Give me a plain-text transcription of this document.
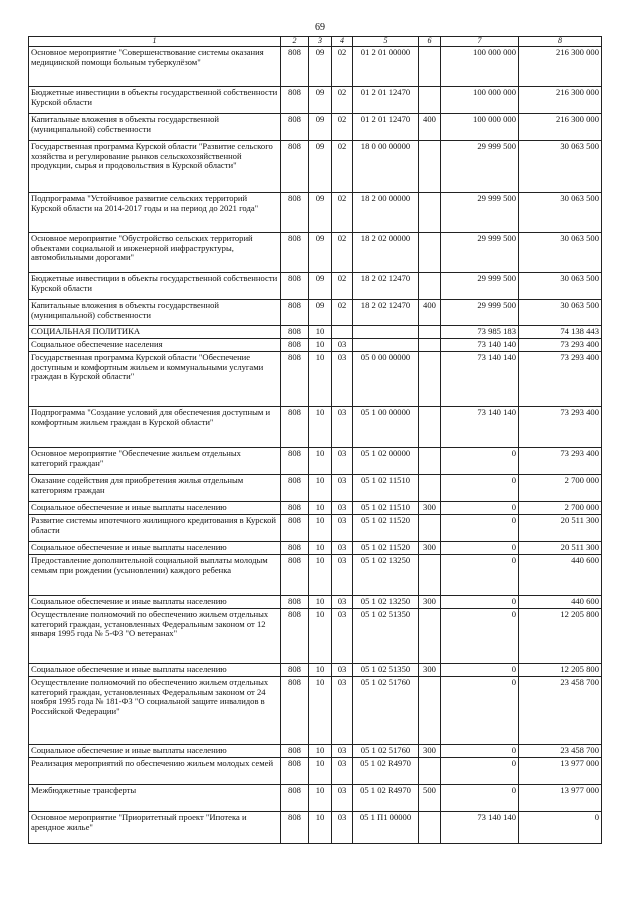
69
1	2	3	4	5	6	7	8
Основное мероприятие "Совершенствование системы оказания медицинской помощи больным туберкулёзом"	808	09	02	01 2 01 00000		100 000 000	216 300 000
Бюджетные инвестиции в объекты государственной собственности Курской области	808	09	02	01 2 01 12470		100 000 000	216 300 000
Капитальные вложения в объекты государственной (муниципальной) собственности	808	09	02	01 2 01 12470	400	100 000 000	216 300 000
Государственная программа Курской области "Развитие сельского хозяйства и регулирование рынков сельскохозяйственной продукции, сырья и продовольствия в Курской области"	808	09	02	18 0 00 00000		29 999 500	30 063 500
Подпрограмма "Устойчивое развитие сельских территорий Курской области на 2014-2017 годы и на период до 2021 года"	808	09	02	18 2 00 00000		29 999 500	30 063 500
Основное мероприятие "Обустройство сельских территорий объектами социальной и инженерной инфраструктуры, автомобильными дорогами"	808	09	02	18 2 02 00000		29 999 500	30 063 500
Бюджетные инвестиции в объекты государственной собственности Курской области	808	09	02	18 2 02 12470		29 999 500	30 063 500
Капитальные вложения в объекты государственной (муниципальной) собственности	808	09	02	18 2 02 12470	400	29 999 500	30 063 500
СОЦИАЛЬНАЯ ПОЛИТИКА	808	10				73 985 183	74 138 443
Социальное обеспечение населения	808	10	03			73 140 140	73 293 400
Государственная программа Курской области "Обеспечение доступным и комфортным жильем и коммунальными услугами граждан в Курской области"	808	10	03	05 0 00 00000		73 140 140	73 293 400
Подпрограмма "Создание условий для обеспечения доступным и комфортным жильем граждан в Курской области"	808	10	03	05 1 00 00000		73 140 140	73 293 400
Основное мероприятие "Обеспечение жильем отдельных категорий граждан"	808	10	03	05 1 02 00000		0	73 293 400
Оказание содействия для приобретения жилья отдельным категориям граждан	808	10	03	05 1 02 11510		0	2 700 000
Социальное обеспечение и иные выплаты населению	808	10	03	05 1 02 11510	300	0	2 700 000
Развитие системы ипотечного жилищного кредитования в Курской области	808	10	03	05 1 02 11520		0	20 511 300
Социальное обеспечение и иные выплаты населению	808	10	03	05 1 02 11520	300	0	20 511 300
Предоставление дополнительной социальной выплаты молодым семьям при рождении (усыновлении) каждого ребенка	808	10	03	05 1 02 13250		0	440 600
Социальное обеспечение и иные выплаты населению	808	10	03	05 1 02 13250	300	0	440 600
Осуществление полномочий по обеспечению жильем отдельных категорий граждан, установленных Федеральным законом от 12 января 1995 года № 5-ФЗ "О ветеранах"	808	10	03	05 1 02 51350		0	12 205 800
Социальное обеспечение и иные выплаты населению	808	10	03	05 1 02 51350	300	0	12 205 800
Осуществление полномочий по обеспечению жильем отдельных категорий граждан, установленных Федеральным законом от 24 ноября 1995 года № 181-ФЗ "О социальной защите инвалидов в Российской Федерации"	808	10	03	05 1 02 51760		0	23 458 700
Социальное обеспечение и иные выплаты населению	808	10	03	05 1 02 51760	300	0	23 458 700
Реализация мероприятий по обеспечению жильем молодых семей	808	10	03	05 1 02 R4970		0	13 977 000
Межбюджетные трансферты	808	10	03	05 1 02 R4970	500	0	13 977 000
Основное мероприятие "Приоритетный проект "Ипотека и арендное жилье"	808	10	03	05 1 П1 00000		73 140 140	0
